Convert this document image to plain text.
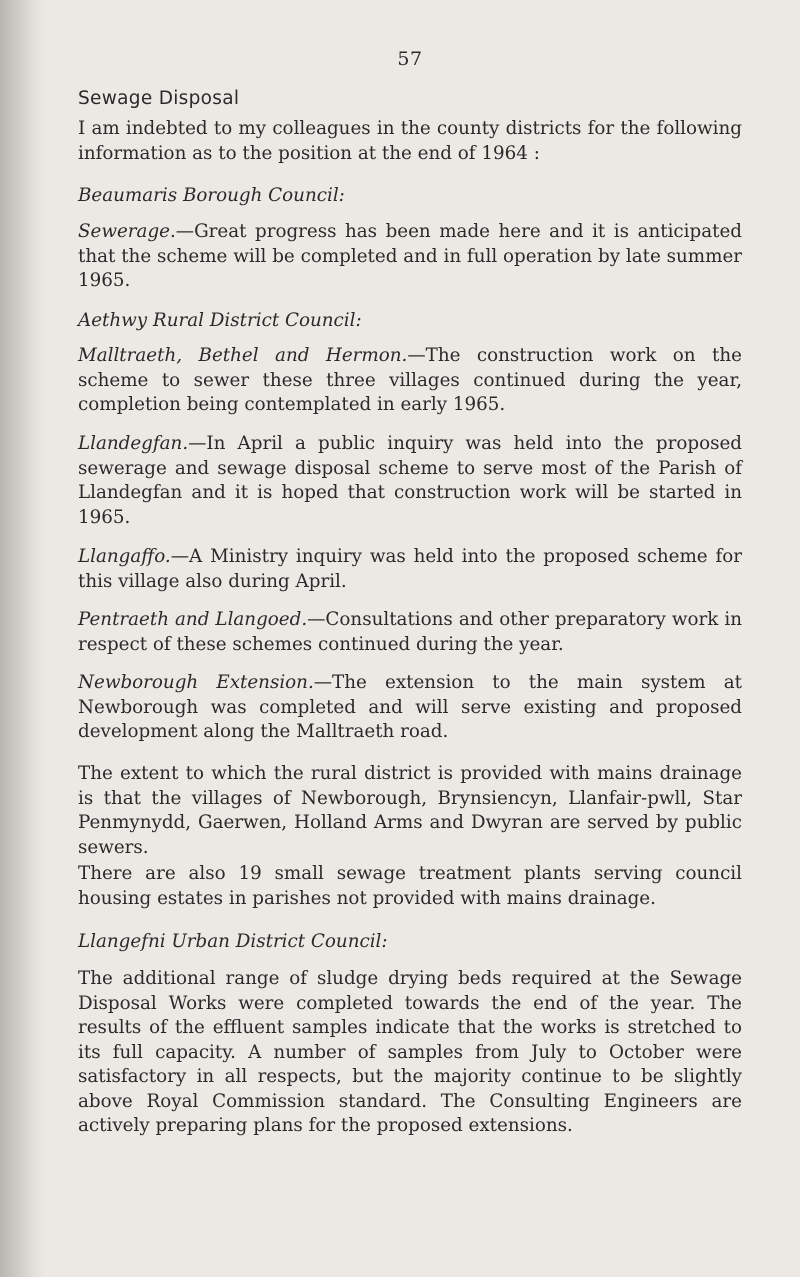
57
Sewage Disposal

I am indebted to my colleagues in the county districts for the following information as to the position at the end of 1964 :

Beaumaris Borough Council:

Sewerage.—Great progress has been made here and it is anticipated that the scheme will be completed and in full operation by late summer 1965.

Aethwy Rural District Council:

Malltraeth, Bethel and Hermon.—The construction work on the scheme to sewer these three villages continued during the year, completion being contemplated in early 1965.

Llandegfan.—In April a public inquiry was held into the proposed sewerage and sewage disposal scheme to serve most of the Parish of Llandegfan and it is hoped that construction work will be started in 1965.

Llangaffo.—A Ministry inquiry was held into the proposed scheme for this village also during April.

Pentraeth and Llangoed.—Consultations and other preparatory work in respect of these schemes continued during the year.

Newborough Extension.—The extension to the main system at Newborough was completed and will serve existing and proposed development along the Malltraeth road.

The extent to which the rural district is provided with mains drainage is that the villages of Newborough, Brynsiencyn, Llanfair-pwll, Star Penmynydd, Gaerwen, Holland Arms and Dwyran are served by public sewers.

There are also 19 small sewage treatment plants serving council housing estates in parishes not provided with mains drainage.

Llangefni Urban District Council:

The additional range of sludge drying beds required at the Sewage Disposal Works were completed towards the end of the year. The results of the effluent samples indicate that the works is stretched to its full capacity. A number of samples from July to October were satisfactory in all respects, but the majority continue to be slightly above Royal Commission standard. The Consulting Engineers are actively preparing plans for the proposed extensions.
